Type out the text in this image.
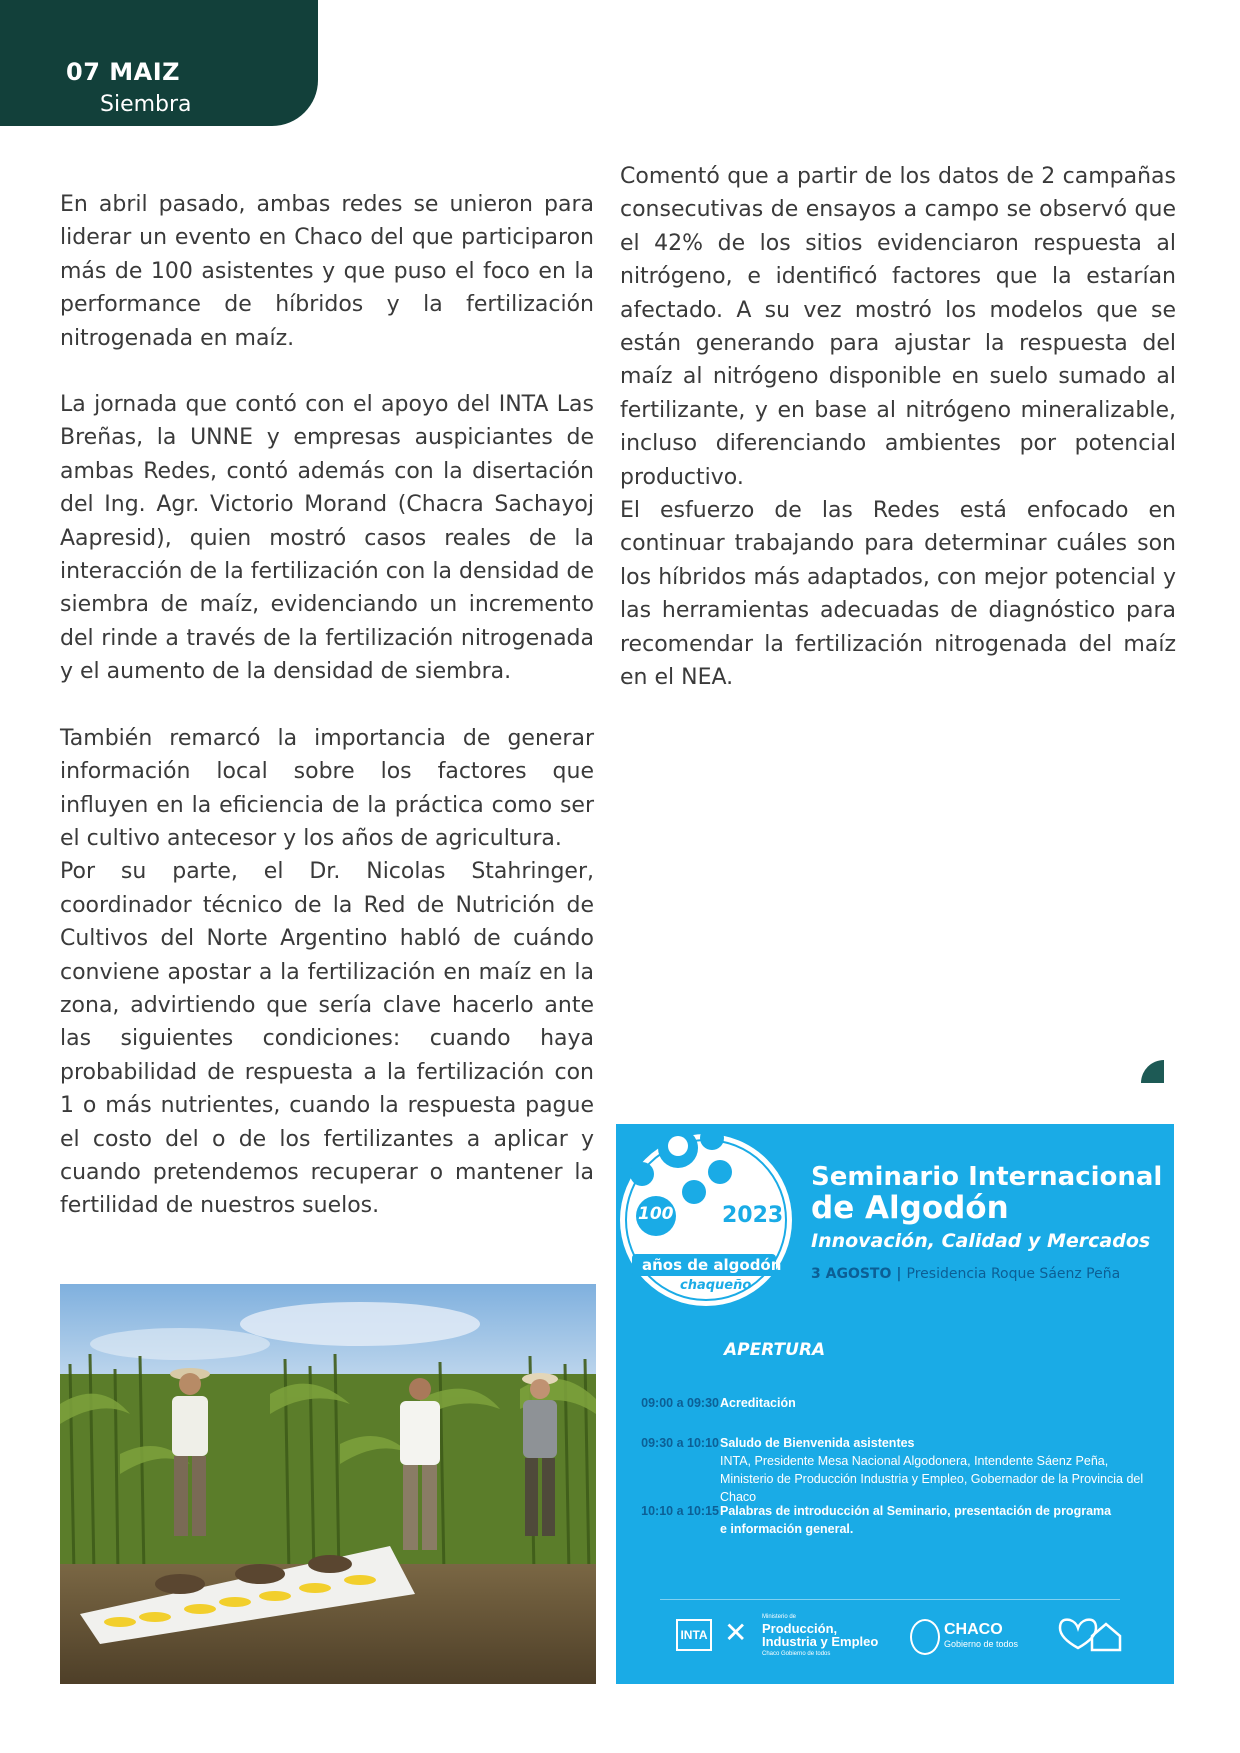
07 MAIZ
Siembra

En abril pasado, ambas redes se unieron para liderar un evento en Chaco del que participaron más de 100 asistentes y que puso el foco en la performance de híbridos y la fertilización nitrogenada en maíz.

La jornada que contó con el apoyo del INTA Las Breñas, la UNNE y empresas auspiciantes de ambas Redes, contó además con la disertación del Ing. Agr. Victorio Morand (Chacra Sachayoj Aapresid), quien mostró casos reales de la interacción de la fertilización con la densidad de siembra de maíz, evidenciando un incremento del rinde a través de la fertilización nitrogenada y el aumento de la densidad de siembra.

También remarcó la importancia de generar información local sobre los factores que influyen en la eficiencia de la práctica como ser el cultivo antecesor y los años de agricultura.

Por su parte, el Dr. Nicolas Stahringer, coordinador técnico de la Red de Nutrición de Cultivos del Norte Argentino habló de cuándo conviene apostar a la fertilización en maíz en la zona, advirtiendo que sería clave hacerlo ante las siguientes condiciones: cuando haya probabilidad de respuesta a la fertilización con 1 o más nutrientes, cuando la respuesta pague el costo del o de los fertilizantes a aplicar y cuando pretendemos recuperar o mantener la fertilidad de nuestros suelos.

Comentó que a partir de los datos de 2 campañas consecutivas de ensayos a campo se observó que el 42% de los sitios evidenciaron respuesta al nitrógeno, e identificó factores que la estarían afectado. A su vez mostró los modelos que se están generando para ajustar la respuesta del maíz al nitrógeno disponible en suelo sumado al fertilizante, y en base al nitrógeno mineralizable, incluso diferenciando ambientes por potencial productivo.

El esfuerzo de las Redes está enfocado en continuar trabajando para determinar cuáles son los híbridos más adaptados, con mejor potencial y las herramientas adecuadas de diagnóstico para recomendar la fertilización nitrogenada del maíz en el NEA.

100 2023
años de algodón
chaqueño
Seminario Internacional
de Algodón
Innovación, Calidad y Mercados
3 AGOSTO | Presidencia Roque Sáenz Peña
APERTURA
09:00 a 09:30 Acreditación
09:30 a 10:10 Saludo de Bienvenida asistentes
INTA, Presidente Mesa Nacional Algodonera, Intendente Sáenz Peña,
Ministerio de Producción Industria y Empleo, Gobernador de la Provincia del Chaco
10:10 a 10:15 Palabras de introducción al Seminario, presentación de programa
e información general.
INTA ✕ Ministerio de
Producción,
Industria y Empleo
Chaco Gobierno de todos
CHACO
Gobierno de todos
